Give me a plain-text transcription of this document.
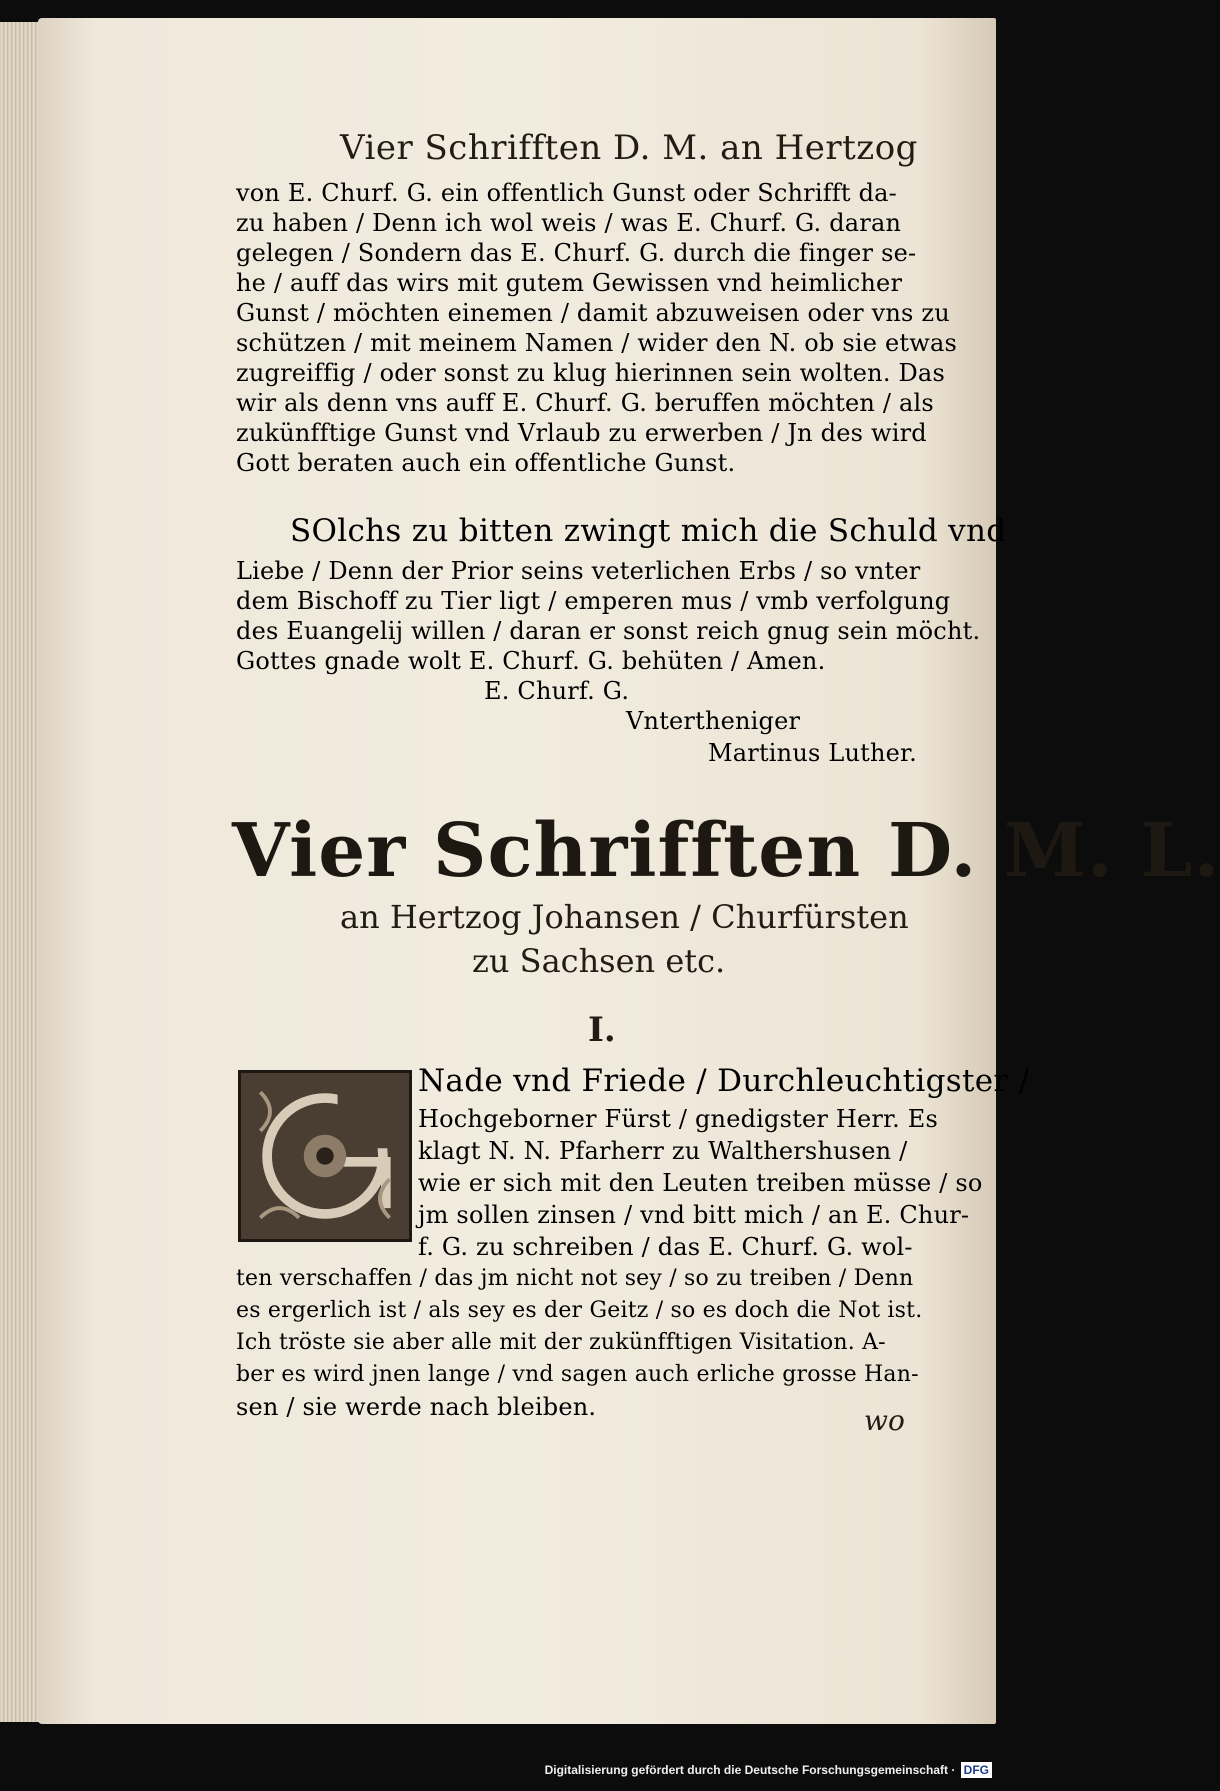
Vier Schrifften D. M. an Hertzog
von E. Churf. G. ein offentlich Gunst oder Schrifft da-
zu haben / Denn ich wol weis / was E. Churf. G. daran
gelegen / Sondern das E. Churf. G. durch die finger se-
he / auff das wirs mit gutem Gewissen vnd heimlicher
Gunst / möchten einemen / damit abzuweisen oder vns zu
schützen / mit meinem Namen / wider den N. ob sie etwas
zugreiffig / oder sonst zu klug hierinnen sein wolten. Das
wir als denn vns auff E. Churf. G. beruffen möchten / als
zukünfftige Gunst vnd Vrlaub zu erwerben / Jn des wird
Gott beraten auch ein offentliche Gunst.
SOlchs zu bitten zwingt mich die Schuld vnd
Liebe / Denn der Prior seins veterlichen Erbs / so vnter
dem Bischoff zu Tier ligt / emperen mus / vmb verfolgung
des Euangelij willen / daran er sonst reich gnug sein möcht.
Gottes gnade wolt E. Churf. G. behüten / Amen.
E. Churf. G.
Vntertheniger
Martinus Luther.
Vier Schrifften D. M. L.
an Hertzog Johansen / Churfürsten
zu Sachsen etc.
I.
Nade vnd Friede / Durchleuchtigster /
Hochgeborner Fürst / gnedigster Herr. Es
klagt N. N. Pfarherr zu Walthershusen /
wie er sich mit den Leuten treiben müsse / so
jm sollen zinsen / vnd bitt mich / an E. Chur-
f. G. zu schreiben / das E. Churf. G. wol-
ten verschaffen / das jm nicht not sey / so zu treiben / Denn
es ergerlich ist / als sey es der Geitz / so es doch die Not ist.
Ich tröste sie aber alle mit der zukünfftigen Visitation. A-
ber es wird jnen lange / vnd sagen auch erliche grosse Han-
sen / sie werde nach bleiben.	wo
Digitalisierung gefördert durch die Deutsche Forschungsgemeinschaft · DFG
